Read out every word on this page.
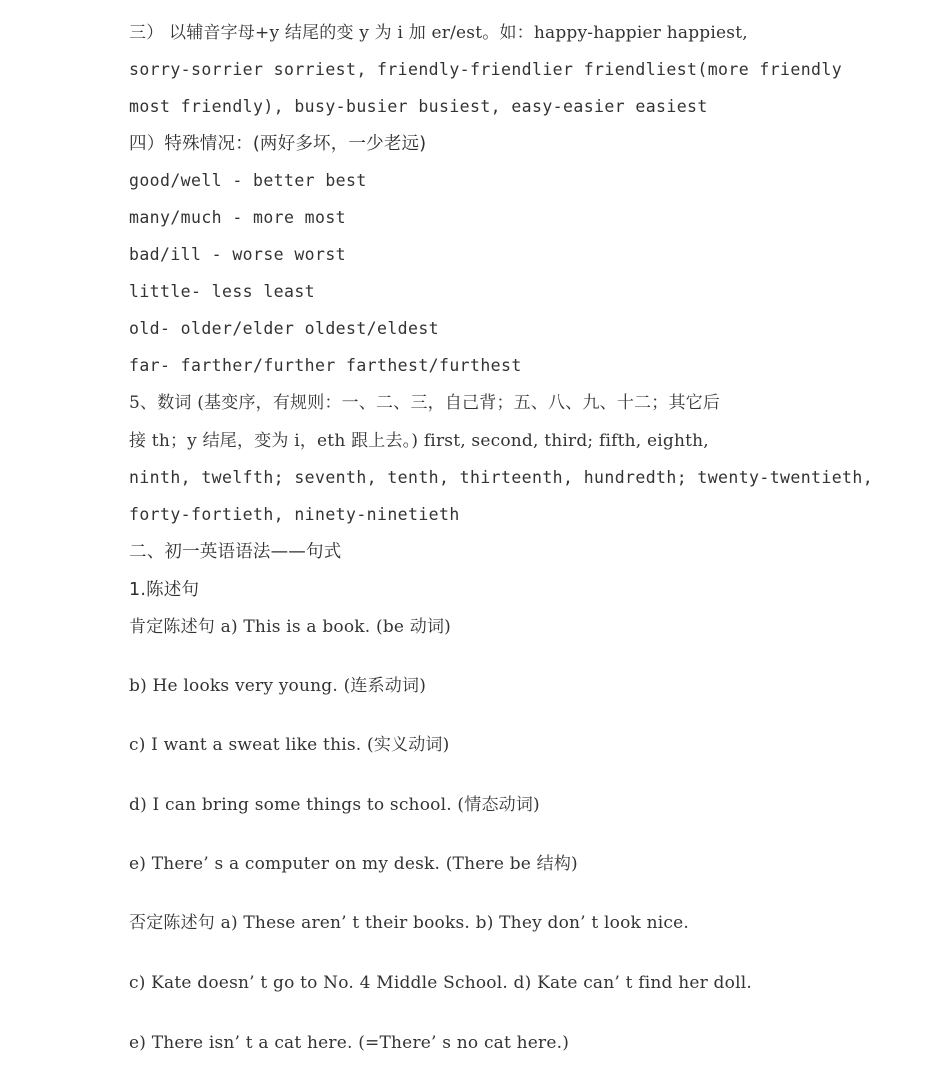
三） 以辅音字母+y 结尾的变 y 为 i 加 er/est。如：happy-happier happiest,
sorry-sorrier sorriest, friendly-friendlier friendliest(more friendly
most friendly), busy-busier busiest, easy-easier easiest
四）特殊情况：(两好多坏，一少老远)
good/well - better best
many/much - more most
bad/ill - worse worst
little- less least
old- older/elder oldest/eldest
far- farther/further farthest/furthest
5、数词 (基变序，有规则：一、二、三，自己背；五、八、九、十二；其它后
接 th；y 结尾，变为 i，eth 跟上去。) first, second, third; fifth, eighth,
ninth, twelfth; seventh, tenth, thirteenth, hundredth; twenty-twentieth,
forty-fortieth, ninety-ninetieth
二、初一英语语法——句式
1.陈述句
肯定陈述句 a) This is a book. (be 动词)
b) He looks very young. (连系动词)
c) I want a sweat like this. (实义动词)
d) I can bring some things to school. (情态动词)
e) There’ s a computer on my desk. (There be 结构)
否定陈述句 a) These aren’ t their books. b) They don’ t look nice.
c) Kate doesn’ t go to No. 4 Middle School. d) Kate can’ t find her doll.
e) There isn’ t a cat here. (=There’ s no cat here.)
